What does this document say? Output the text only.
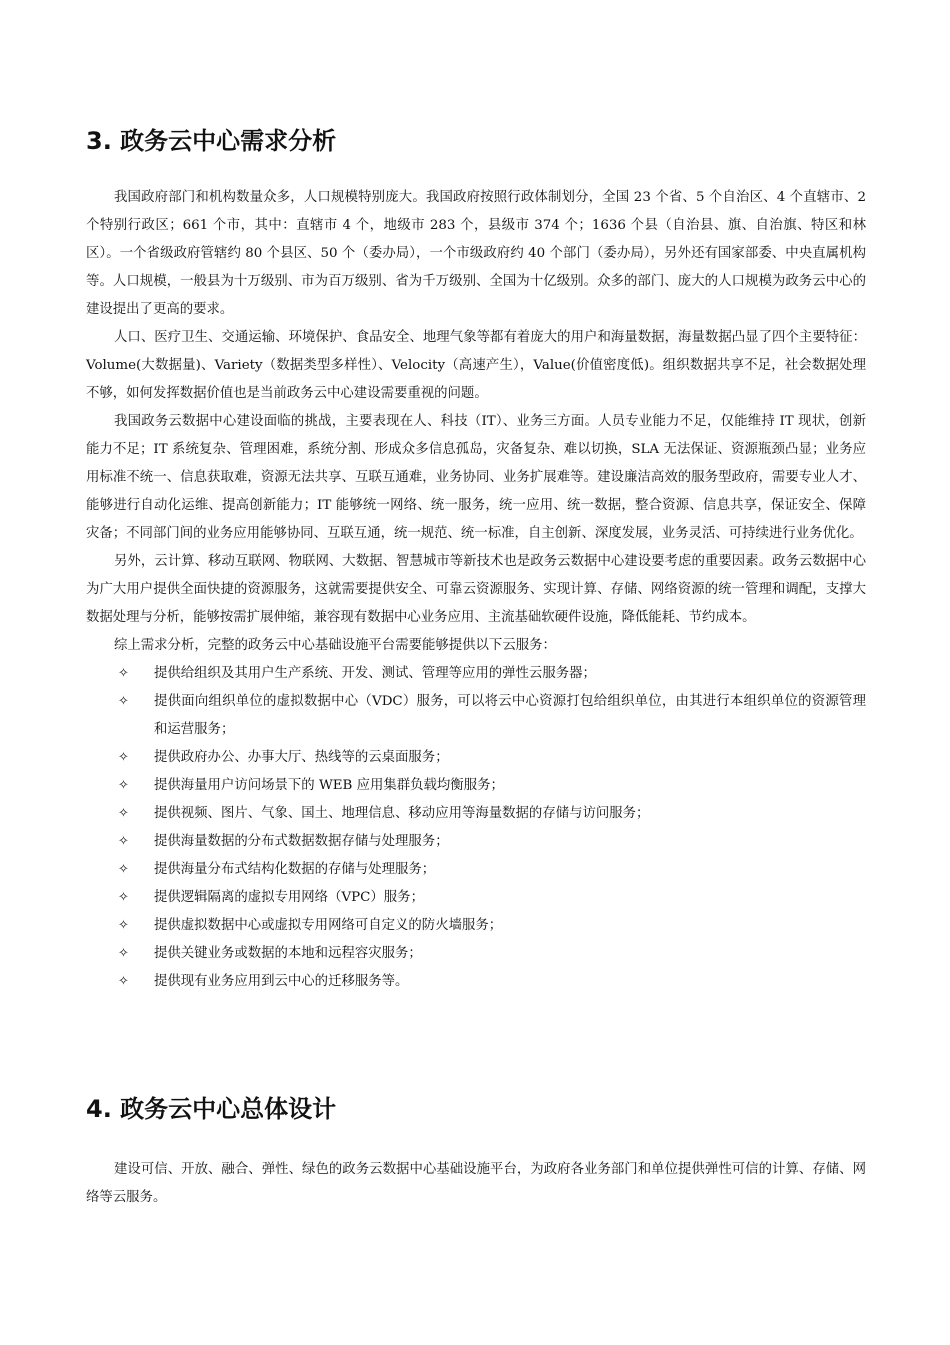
3. 政务云中心需求分析

我国政府部门和机构数量众多，人口规模特别庞大。我国政府按照行政体制划分，全国 23 个省、5 个自治区、4 个直辖市、2 个特别行政区；661 个市，其中：直辖市 4 个，地级市 283 个，县级市 374 个；1636 个县（自治县、旗、自治旗、特区和林区）。一个省级政府管辖约 80 个县区、50 个（委办局），一个市级政府约 40 个部门（委办局），另外还有国家部委、中央直属机构等。人口规模，一般县为十万级别、市为百万级别、省为千万级别、全国为十亿级别。众多的部门、庞大的人口规模为政务云中心的建设提出了更高的要求。

人口、医疗卫生、交通运输、环境保护、食品安全、地理气象等都有着庞大的用户和海量数据，海量数据凸显了四个主要特征：Volume(大数据量)、Variety（数据类型多样性）、Velocity（高速产生），Value(价值密度低)。组织数据共享不足，社会数据处理不够，如何发挥数据价值也是当前政务云中心建设需要重视的问题。

我国政务云数据中心建设面临的挑战，主要表现在人、科技（IT）、业务三方面。人员专业能力不足，仅能维持 IT 现状，创新能力不足；IT 系统复杂、管理困难，系统分割、形成众多信息孤岛，灾备复杂、难以切换，SLA 无法保证、资源瓶颈凸显；业务应用标准不统一、信息获取难，资源无法共享、互联互通难，业务协同、业务扩展难等。建设廉洁高效的服务型政府，需要专业人才、能够进行自动化运维、提高创新能力；IT 能够统一网络、统一服务，统一应用、统一数据，整合资源、信息共享，保证安全、保障灾备；不同部门间的业务应用能够协同、互联互通，统一规范、统一标准，自主创新、深度发展，业务灵活、可持续进行业务优化。

另外，云计算、移动互联网、物联网、大数据、智慧城市等新技术也是政务云数据中心建设要考虑的重要因素。政务云数据中心为广大用户提供全面快捷的资源服务，这就需要提供安全、可靠云资源服务、实现计算、存储、网络资源的统一管理和调配，支撑大数据处理与分析，能够按需扩展伸缩，兼容现有数据中心业务应用、主流基础软硬件设施，降低能耗、节约成本。

综上需求分析，完整的政务云中心基础设施平台需要能够提供以下云服务：

✧ 提供给组织及其用户生产系统、开发、测试、管理等应用的弹性云服务器；
✧ 提供面向组织单位的虚拟数据中心（VDC）服务，可以将云中心资源打包给组织单位，由其进行本组织单位的资源管理和运营服务；
✧ 提供政府办公、办事大厅、热线等的云桌面服务；
✧ 提供海量用户访问场景下的 WEB 应用集群负载均衡服务；
✧ 提供视频、图片、气象、国土、地理信息、移动应用等海量数据的存储与访问服务；
✧ 提供海量数据的分布式数据数据存储与处理服务；
✧ 提供海量分布式结构化数据的存储与处理服务；
✧ 提供逻辑隔离的虚拟专用网络（VPC）服务；
✧ 提供虚拟数据中心或虚拟专用网络可自定义的防火墙服务；
✧ 提供关键业务或数据的本地和远程容灾服务；
✧ 提供现有业务应用到云中心的迁移服务等。
4. 政务云中心总体设计

建设可信、开放、融合、弹性、绿色的政务云数据中心基础设施平台，为政府各业务部门和单位提供弹性可信的计算、存储、网络等云服务。
